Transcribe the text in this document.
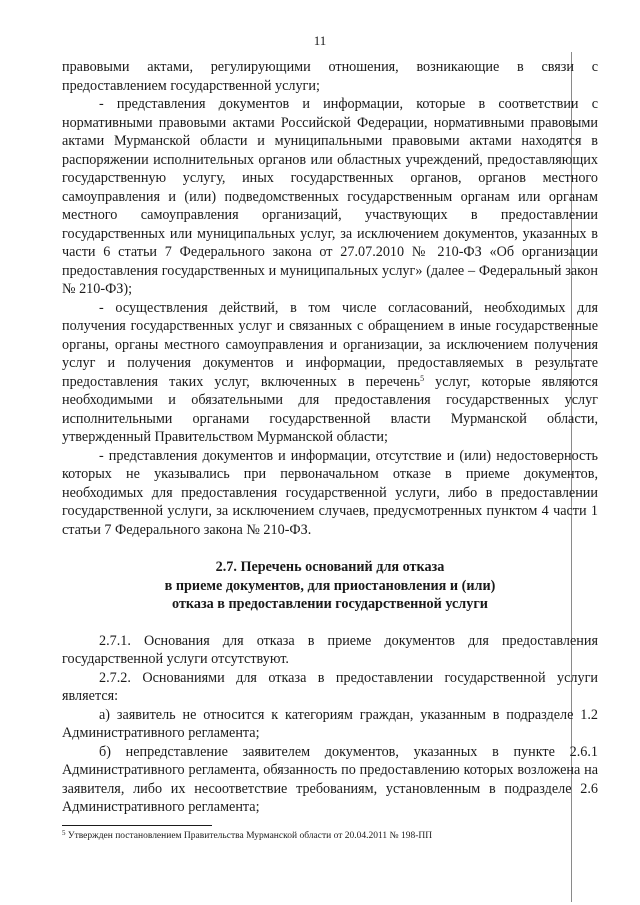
11

правовыми актами, регулирующими отношения, возникающие в связи с предоставлением государственной услуги;

- представления документов и информации, которые в соответствии с нормативными правовыми актами Российской Федерации, нормативными правовыми актами Мурманской области и муниципальными правовыми актами находятся в распоряжении исполнительных органов или областных учреждений, предоставляющих государственную услугу, иных государственных органов, органов местного самоуправления и (или) подведомственных государственным органам или органам местного самоуправления организаций, участвующих в предоставлении государственных или муниципальных услуг, за исключением документов, указанных в части 6 статьи 7 Федерального закона от 27.07.2010 № 210-ФЗ «Об организации предоставления государственных и муниципальных услуг» (далее – Федеральный закон № 210-ФЗ);

- осуществления действий, в том числе согласований, необходимых для получения государственных услуг и связанных с обращением в иные государственные органы, органы местного самоуправления и организации, за исключением получения услуг и получения документов и информации, предоставляемых в результате предоставления таких услуг, включенных в перечень$^5$ услуг, которые являются необходимыми и обязательными для предоставления государственных услуг исполнительными органами государственной власти Мурманской области, утвержденный Правительством Мурманской области;

- представления документов и информации, отсутствие и (или) недостоверность которых не указывались при первоначальном отказе в приеме документов, необходимых для предоставления государственной услуги, либо в предоставлении государственной услуги, за исключением случаев, предусмотренных пунктом 4 части 1 статьи 7 Федерального закона № 210-ФЗ.

2.7. Перечень оснований для отказа
в приеме документов, для приостановления и (или)
отказа в предоставлении государственной услуги

2.7.1. Основания для отказа в приеме документов для предоставления государственной услуги отсутствуют.

2.7.2. Основаниями для отказа в предоставлении государственной услуги является:

а) заявитель не относится к категориям граждан, указанным в подразделе 1.2 Административного регламента;

б) непредставление заявителем документов, указанных в пункте 2.6.1 Административного регламента, обязанность по предоставлению которых возложена на заявителя, либо их несоответствие требованиям, установленным в подразделе 2.6 Административного регламента;

$^5$ Утвержден постановлением Правительства Мурманской области от 20.04.2011 № 198-ПП
